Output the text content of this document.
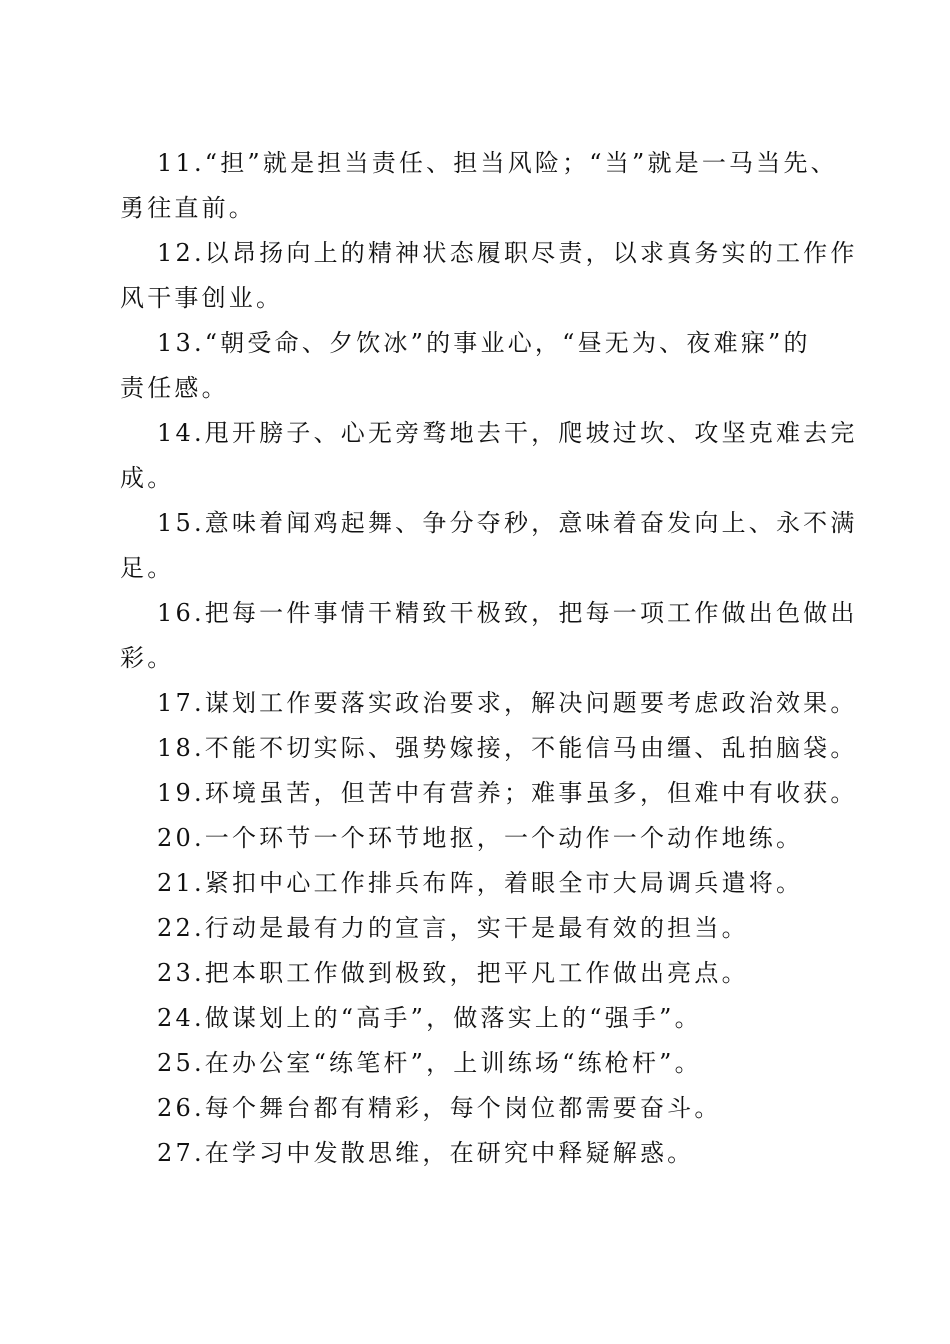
11.“担”就是担当责任、担当风险；“当”就是一马当先、
勇往直前。
12.以昂扬向上的精神状态履职尽责，以求真务实的工作作
风干事创业。
13.“朝受命、夕饮冰”的事业心，“昼无为、夜难寐”的
责任感。
14.甩开膀子、心无旁骛地去干，爬坡过坎、攻坚克难去完
成。
15.意味着闻鸡起舞、争分夺秒，意味着奋发向上、永不满
足。
16.把每一件事情干精致干极致，把每一项工作做出色做出
彩。
17.谋划工作要落实政治要求，解决问题要考虑政治效果。
18.不能不切实际、强势嫁接，不能信马由缰、乱拍脑袋。
19.环境虽苦，但苦中有营养；难事虽多，但难中有收获。
20.一个环节一个环节地抠，一个动作一个动作地练。
21.紧扣中心工作排兵布阵，着眼全市大局调兵遣将。
22.行动是最有力的宣言，实干是最有效的担当。
23.把本职工作做到极致，把平凡工作做出亮点。
24.做谋划上的“高手”，做落实上的“强手”。
25.在办公室“练笔杆”，上训练场“练枪杆”。
26.每个舞台都有精彩，每个岗位都需要奋斗。
27.在学习中发散思维，在研究中释疑解惑。
